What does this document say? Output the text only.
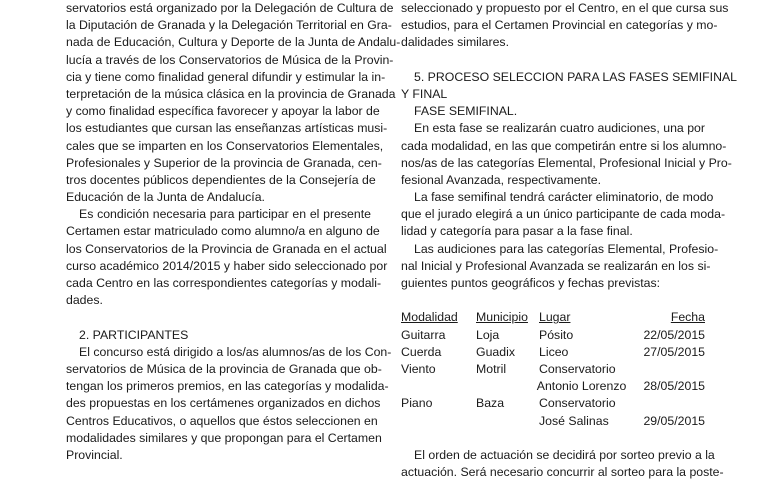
servatorios está organizado por la Delegación de Cultura de
la Diputación de Granada y la Delegación Territorial en Gra-
nada de Educación, Cultura y Deporte de la Junta de Andalu-
lucía a través de los Conservatorios de Música de la Provin-
cia y tiene como finalidad general difundir y estimular la in-
terpretación de la música clásica en la provincia de Granada
y como finalidad específica favorecer y apoyar la labor de
los estudiantes que cursan las enseñanzas artísticas musi-
cales que se imparten en los Conservatorios Elementales,
Profesionales y Superior de la provincia de Granada, cen-
tros docentes públicos dependientes de la Consejería de
Educación de la Junta de Andalucía.
Es condición necesaria para participar en el presente
Certamen estar matriculado como alumno/a en alguno de
los Conservatorios de la Provincia de Granada en el actual
curso académico 2014/2015 y haber sido seleccionado por
cada Centro en las correspondientes categorías y modali-
dades.
2. PARTICIPANTES
El concurso está dirigido a los/as alumnos/as de los Con-
servatorios de Música de la provincia de Granada que ob-
tengan los primeros premios, en las categorías y modalida-
des propuestas en los certámenes organizados en dichos
Centros Educativos, o aquellos que éstos seleccionen en
modalidades similares y que propongan para el Certamen
Provincial.
seleccionado y propuesto por el Centro, en el que cursa sus
estudios, para el Certamen Provincial en categorías y mo-
dalidades similares.
5. PROCESO SELECCION PARA LAS FASES SEMIFINAL
Y FINAL
FASE SEMIFINAL.
En esta fase se realizarán cuatro audiciones, una por
cada modalidad, en las que competirán entre si los alumno-
nos/as de las categorías Elemental, Profesional Inicial y Pro-
fesional Avanzada, respectivamente.
La fase semifinal tendrá carácter eliminatorio, de modo
que el jurado elegirá a un único participante de cada moda-
lidad y categoría para pasar a la fase final.
Las audiciones para las categorías Elemental, Profesio-
nal Inicial y Profesional Avanzada se realizarán en los si-
guientes puntos geográficos y fechas previstas:
Modalidad	Municipio Lugar	Fecha
Guitarra	Loja	Pósito	22/05/2015
Cuerda	Guadix	Liceo	27/05/2015
Viento	Motril	Conservatorio
Antonio Lorenzo	28/05/2015
Piano	Baza	Conservatorio
José Salinas	29/05/2015
El orden de actuación se decidirá por sorteo previo a la
actuación. Será necesario concurrir al sorteo para la poste-
